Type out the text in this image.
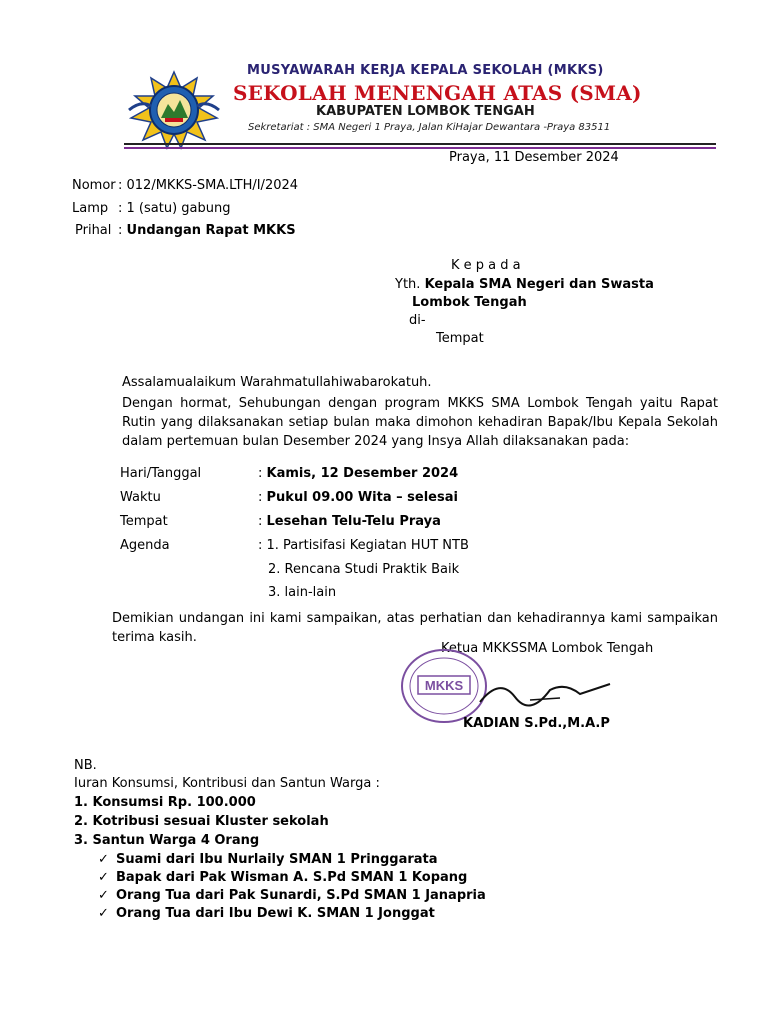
MUSYAWARAH KERJA KEPALA SEKOLAH (MKKS)
SEKOLAH MENENGAH ATAS (SMA)
KABUPATEN LOMBOK TENGAH
Sekretariat : SMA Negeri 1 Praya, Jalan KiHajar Dewantara -Praya 83511
Praya, 11 Desember 2024
Nomor : 012/MKKS-SMA.LTH/I/2024
Lamp : 1 (satu) gabung
Prihal : Undangan Rapat MKKS
K e p a d a
Yth. Kepala SMA Negeri dan Swasta
Lombok Tengah
di-
Tempat
Assalamualaikum Warahmatullahiwabarokatuh.
Dengan hormat, Sehubungan dengan program MKKS SMA Lombok Tengah yaitu Rapat Rutin yang dilaksanakan setiap bulan maka dimohon kehadiran Bapak/Ibu Kepala Sekolah dalam pertemuan bulan Desember 2024 yang Insya Allah dilaksanakan pada:
Hari/Tanggal	: Kamis, 12 Desember 2024
Waktu	: Pukul 09.00 Wita – selesai
Tempat	: Lesehan Telu-Telu Praya
Agenda	: 1. Partisifasi Kegiatan HUT NTB
2. Rencana Studi Praktik Baik
3. lain-lain
Demikian undangan ini kami sampaikan, atas perhatian dan kehadirannya kami sampaikan terima kasih.
Ketua MKKSSMA Lombok Tengah
MKKS
KADIAN S.Pd.,M.A.P
NB.
Iuran Konsumsi, Kontribusi dan Santun Warga :
1. Konsumsi Rp. 100.000
2. Kotribusi sesuai Kluster sekolah
3. Santun Warga 4 Orang
✓ Suami dari Ibu Nurlaily SMAN 1 Pringgarata
✓ Bapak dari Pak Wisman A. S.Pd SMAN 1 Kopang
✓ Orang Tua dari Pak Sunardi, S.Pd SMAN 1 Janapria
✓ Orang Tua dari Ibu Dewi K. SMAN 1 Jonggat
